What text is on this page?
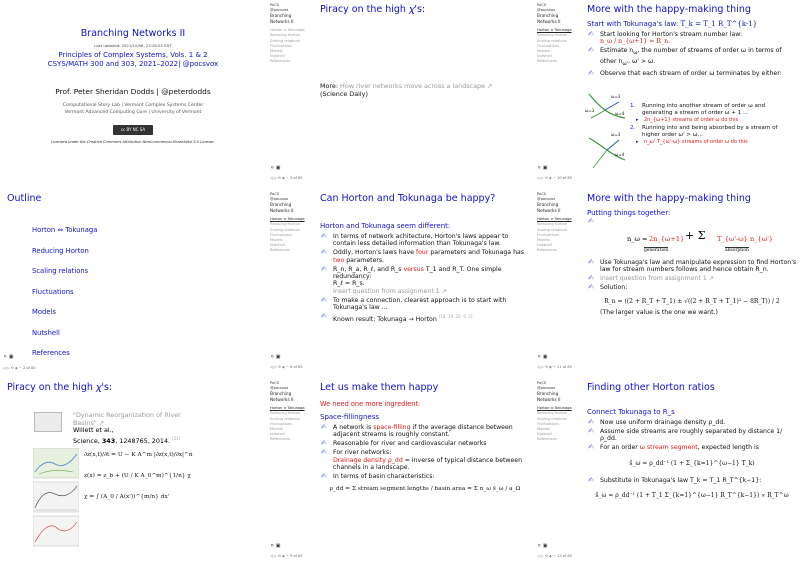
Branching Networks II
Last updated: 2021/10/06, 23:26:55 EDT
Principles of Complex Systems, Vols. 1 & 2
CSYS/MATH 300 and 303, 2021–2022| @pocsvox
Prof. Peter Sheridan Dodds | @peterdodds
Computational Story Lab | Vermont Complex Systems Center
Vermont Advanced Computing Core | University of Vermont
cc BY NC SA
Licensed under the Creative Commons Attribution-NonCommercial-ShareAlike 3.0 License.
PoCS
@pocsvox
Branching
Networks II
Horton ⇔ Tokunaga
Reducing Horton
Scaling relations
Fluctuations
Models
Nutshell
References
⚪ ▣
◁ ▷ ⟲ ◈ ∽ 5 of 85
Piracy on the high 𝜒's:
More: How river networks move across a landscape ↗
(Science Daily)
PoCS
@pocsvox
Branching
Networks II
Horton ⇔ Tokunaga
Reducing Horton
Scaling relations
Fluctuations
Models
Nutshell
References
⚪ ▣
◁ ▷ ⟲ ◈ ∽ 10 of 85
More with the happy-making thing
Start with Tokunaga's law: T_k = T_1 R_T^{k-1}
✍ Start looking for Horton's stream number law:
n_ω / n_{ω+1} = R_n.
✍ Estimate $n_\omega$, the number of streams of order ω in terms of other $n_{\omega'}$, ω' > ω.
✍ Observe that each stream of order ω terminates by either:
ω=3
ω=3
ω=4
ω=3
ω=4
1. Running into another stream of order ω and generating a stream of order ω + 1 ...
▸ 2n_{ω+1} streams of order ω do this
2. Running into and being absorbed by a stream of higher order ω' > ω...
▸ n_ω' T_{ω'-ω} streams of order ω do this
Outline
Horton ⇔ Tokunaga
Reducing Horton
Scaling relations
Fluctuations
Models
Nutshell
References
⚪ ▣
◁ ▷ ⟲ ◈ ∽ 2 of 85
PoCS
@pocsvox
Branching
Networks II
Horton ⇔ Tokunaga
Reducing Horton
Scaling relations
Fluctuations
Models
Nutshell
References
⚪ ▣
◁ ▷ ⟲ ◈ ∽ 6 of 85
Can Horton and Tokunaga be happy?
Horton and Tokunaga seem different:
✍ In terms of network achitecture, Horton's laws appear to contain less detailed information than Tokunaga's law.
✍ Oddly, Horton's laws have four parameters and Tokunaga has two parameters.
✍ R_n, R_a, R_ℓ, and R_s versus T_1 and R_T. One simple redundancy:
R_ℓ = R_s.
Insert question from assignment 1 ↗
✍ To make a connection, clearest approach is to start with Tokunaga's law ...
✍ Known result: Tokunaga → Horton [18, 19, 20, 9, 2]
PoCS
@pocsvox
Branching
Networks II
Horton ⇔ Tokunaga
Reducing Horton
Scaling relations
Fluctuations
Models
Nutshell
References
⚪ ▣
◁ ▷ ⟲ ◈ ∽ 11 of 85
More with the happy-making thing
Putting things together:
✍

n_ω = 2n_{ω+1}
generation
+ Σ T_{ω'-ω} n_{ω'}
absorption
✍ Use Tokunaga's law and manipulate expression to find Horton's law for stream numbers follows and hence obtain R_n.
✍ Insert question from assignment 1 ↗
✍ Solution:
R_n = ((2 + R_T + T_1) ± √((2 + R_T + T_1)² − 8R_T)) / 2
(The larger value is the one we want.)
Piracy on the high 𝜒's:
"Dynamic Reorganization of River Basins" ↗
Willett et al.,
Science, 343, 1248765, 2014. [21]
∂z(x,t)/∂t = U − K A^m |∂z(x,t)/∂x|^n
z(x) = z_b + (U / K A_0^m)^{1/n} χ
χ = ∫ (A_0 / A(x'))^{m/n} dx'
PoCS
@pocsvox
Branching
Networks II
Horton ⇔ Tokunaga
Reducing Horton
Scaling relations
Fluctuations
Models
Nutshell
References
⚪ ▣
◁ ▷ ⟲ ◈ ∽ 9 of 85
Let us make them happy
We need one more ingredient:
Space-fillingness
✍ A network is space-filling if the average distance between adjacent streams is roughly constant.
✍ Reasonable for river and cardiovascular networks
✍ For river networks:
Drainage density ρ_dd = inverse of typical distance between channels in a landscape.
✍ In terms of basin characteristics:
ρ_dd ≃ Σ stream segment lengths / basin area = Σ n_ω s̄_ω / a_Ω
PoCS
@pocsvox
Branching
Networks II
Horton ⇔ Tokunaga
Reducing Horton
Scaling relations
Fluctuations
Models
Nutshell
References
⚪ ▣
◁ ▷ ⟲ ◈ ∽ 12 of 85
Finding other Horton ratios
Connect Tokunaga to R_s
✍ Now use uniform drainage density ρ_dd.
✍ Assume side streams are roughly separated by distance 1/ρ_dd.
✍ For an order ω stream segment, expected length is
s̄_ω ≃ ρ_dd⁻¹ (1 + Σ_{k=1}^{ω−1} T_k)
✍ Substitute in Tokunaga's law T_k = T_1 R_T^{k−1}:
s̄_ω ≃ ρ_dd⁻¹ (1 + T_1 Σ_{k=1}^{ω−1} R_T^{k−1}) ∝ R_T^ω
